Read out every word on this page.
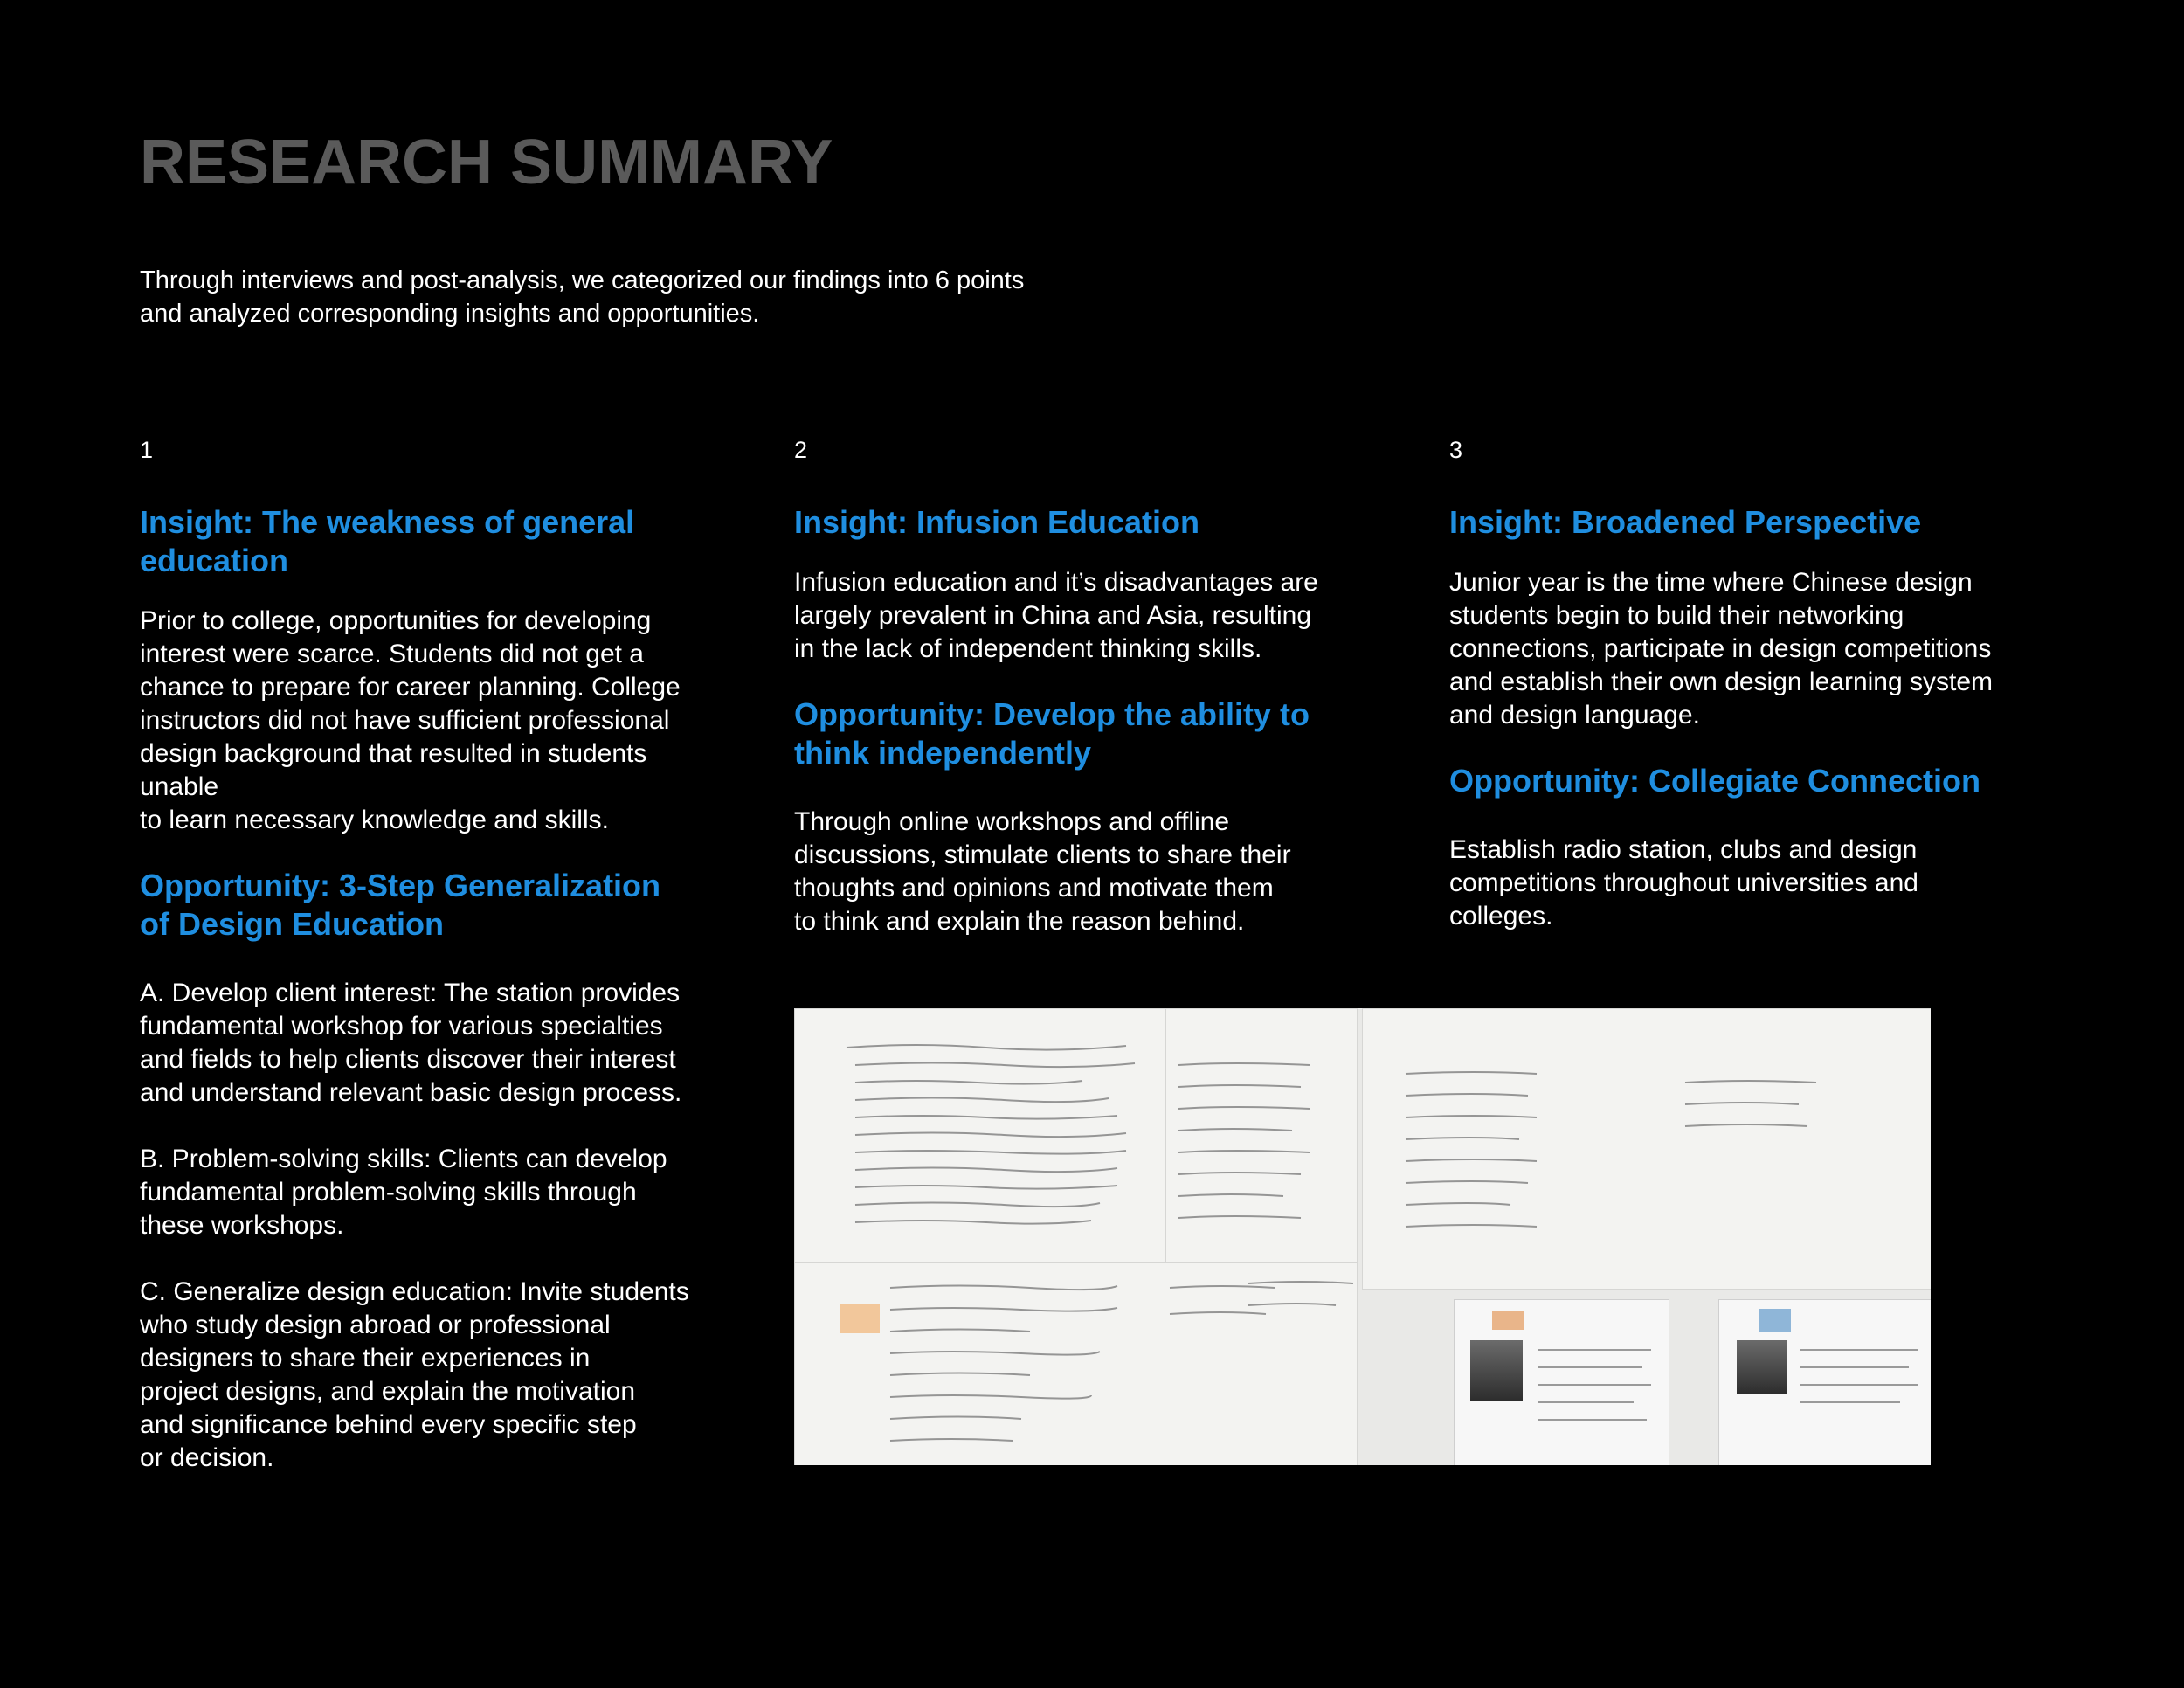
RESEARCH SUMMARY

Through interviews and post-analysis, we categorized our findings into 6 points
and analyzed corresponding insights and opportunities.

1

Insight: The weakness of general
education

Prior to college, opportunities for developing
interest were scarce. Students did not get a
chance to prepare for career planning. College
instructors did not have sufficient professional
design background that resulted in students
unable
to learn necessary knowledge and skills.

Opportunity: 3-Step Generalization
of Design Education

A. Develop client interest: The station provides
fundamental workshop for various specialties
and fields to help clients discover their interest
and understand relevant basic design process.

B. Problem-solving skills: Clients can develop
fundamental problem-solving skills through
these workshops.

C. Generalize design education: Invite students
who study design abroad or professional
designers to share their experiences in
project designs, and explain the motivation
and significance behind every specific step
or decision.

2

Insight: Infusion Education

Infusion education and it’s disadvantages are
largely prevalent in China and Asia, resulting
in the lack of independent thinking skills.

Opportunity: Develop the ability to
think independently

Through online workshops and offline
discussions, stimulate clients to share their
thoughts and opinions and motivate them
to think and explain the reason behind.

3

Insight: Broadened Perspective

Junior year is the time where Chinese design
students begin to build their networking
connections, participate in design competitions
and establish their own design learning system
and design language.

Opportunity: Collegiate Connection

Establish radio station, clubs and design
competitions throughout universities and
colleges.
